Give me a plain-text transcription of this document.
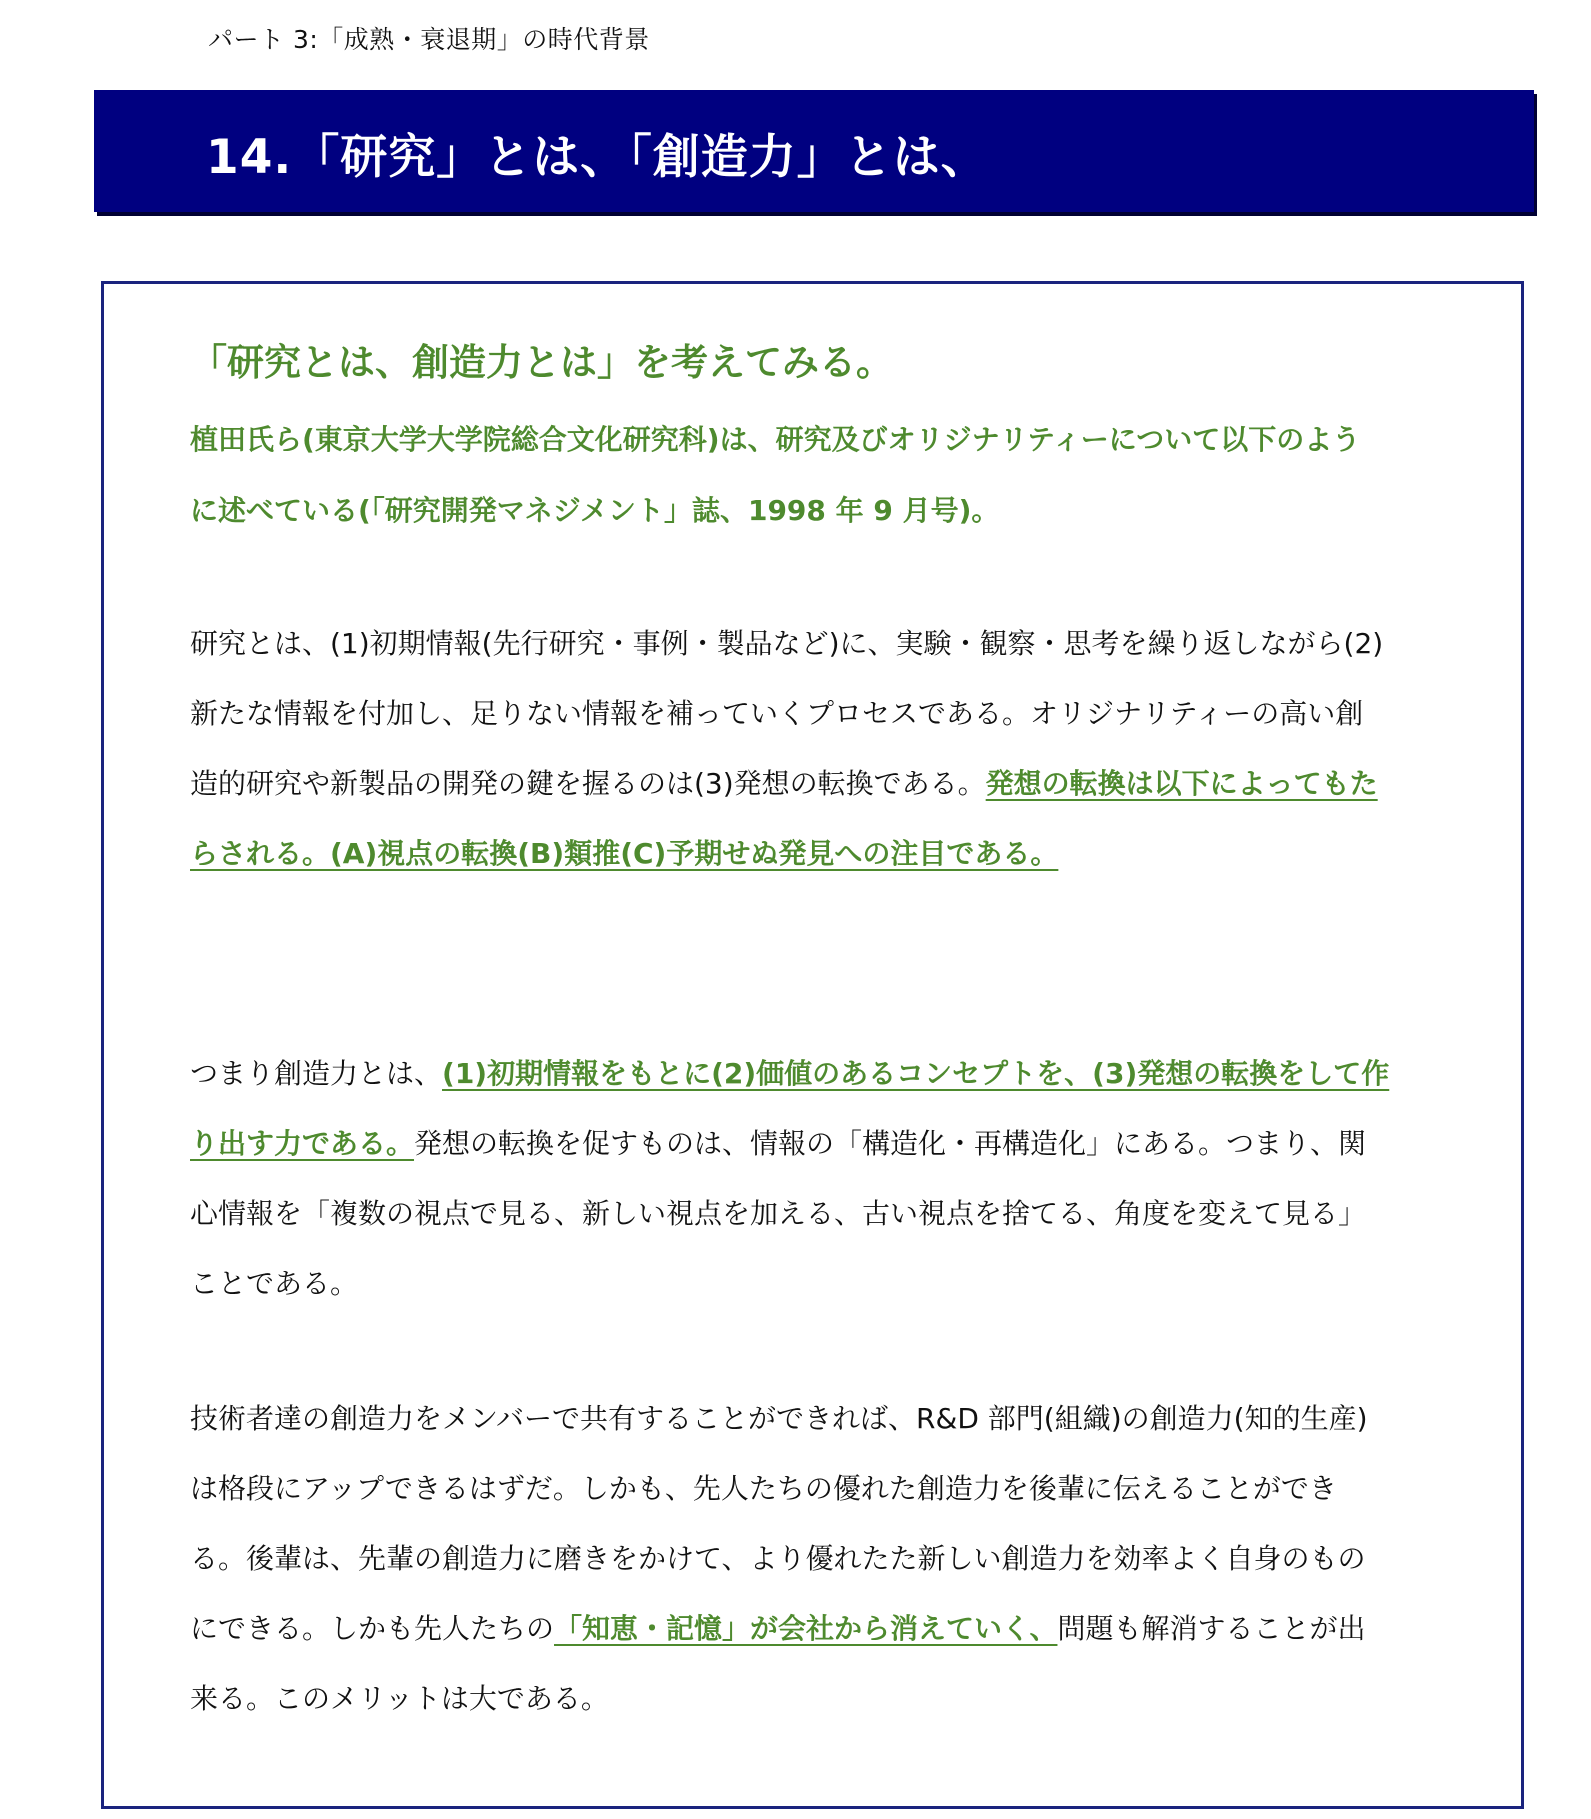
パート 3:「成熟・衰退期」の時代背景
14.「研究」とは、「創造力」とは、
「研究とは、創造力とは」を考えてみる。

植田氏ら(東京大学大学院総合文化研究科)は、研究及びオリジナリティーについて以下のように述べている(「研究開発マネジメント」誌、1998 年 9 月号)。

研究とは、(1)初期情報(先行研究・事例・製品など)に、実験・観察・思考を繰り返しながら(2)新たな情報を付加し、足りない情報を補っていくプロセスである。オリジナリティーの高い創造的研究や新製品の開発の鍵を握るのは(3)発想の転換である。発想の転換は以下によってもたらされる。(A)視点の転換(B)類推(C)予期せぬ発見への注目である。

つまり創造力とは、(1)初期情報をもとに(2)価値のあるコンセプトを、(3)発想の転換をして作り出す力である。発想の転換を促すものは、情報の「構造化・再構造化」にある。つまり、関心情報を「複数の視点で見る、新しい視点を加える、古い視点を捨てる、角度を変えて見る」ことである。

技術者達の創造力をメンバーで共有することができれば、R&D 部門(組織)の創造力(知的生産)は格段にアップできるはずだ。しかも、先人たちの優れた創造力を後輩に伝えることができる。後輩は、先輩の創造力に磨きをかけて、より優れたた新しい創造力を効率よく自身のものにできる。しかも先人たちの「知恵・記憶」が会社から消えていく、問題も解消することが出来る。このメリットは大である。
